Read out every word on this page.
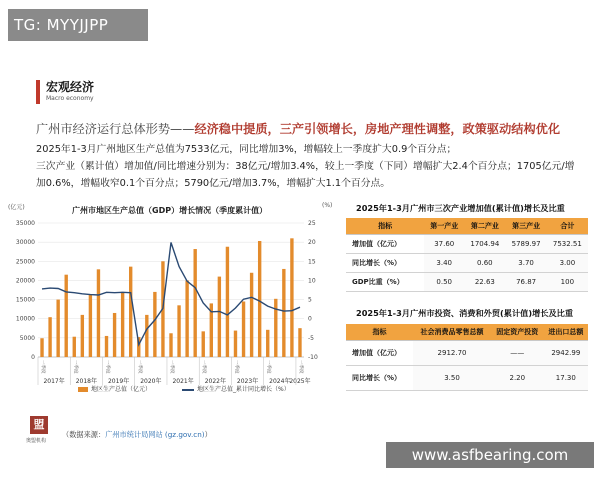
TG: MYYJJPP
宏观经济
Macro economy
广州市经济运行总体形势——经济稳中提质，三产引领增长，房地产理性调整，政策驱动结构优化
2025年1-3月广州地区生产总值为7533亿元，同比增加3%，增幅较上一季度扩大0.9个百分点；
三次产业（累计值）增加值/同比增速分别为：38亿元/增加3.4%，较上一季度（下同）增幅扩大2.4个百分点；1705亿元/增
加0.6%，增幅收窄0.1个百分点；5790亿元/增加3.7%，增幅扩大1.1个百分点。
(亿元)	(%)
广州市地区生产总值（GDP）增长情况（季度累计值）
0
5000
10000
15000
20000
25000
30000
35000
-10
-5
0
5
10
15
20
25
一季度	一季度	一季度	一季度	一季度	一季度	一季度	一季度	一季度
2017年 2018年 2019年 2020年 2021年 2022年 2023年 2024年
2025年
地区生产总值（亿元）	地区生产总值_累计同比增长（%）
2025年1-3月广州市三次产业增加值(累计值)增长及比重
指标	第一产业	第二产业	第三产业	合计
增加值（亿元）	37.60	1704.94	5789.97	7532.51
同比增长（%）	3.40	0.60	3.70	3.00
GDP比重（%）	0.50	22.63	76.87	100
2025年1-3月广州市投资、消费和外贸(累计值)增长及比重
指标	社会消费品零售总额	固定资产投资	进出口总额
增加值（亿元）	2912.70	——	2942.99
同比增长（%）	3.50	2.20	17.30
盟
奥盟机构
（数据来源：广州市统计局网站 (gz.gov.cn)）
www.asfbearing.com
